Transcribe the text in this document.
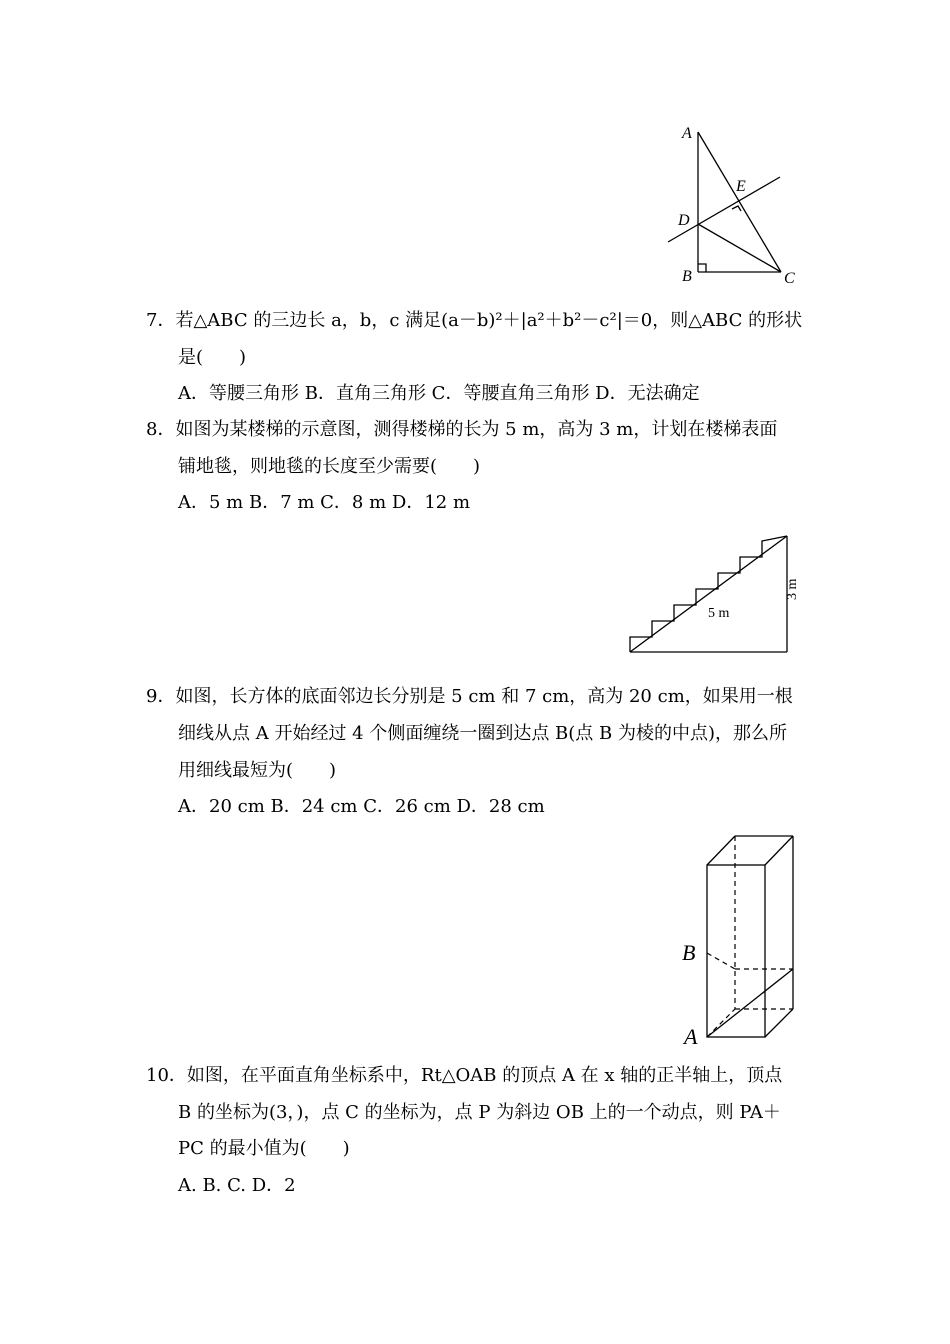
A
E
D
B	C

7．若△ABC 的三边长 a，b，c 满足(a－b)²＋|a²＋b²－c²|＝0，则△ABC 的形状

是(　　)

A．等腰三角形 B．直角三角形 C．等腰直角三角形 D．无法确定

8．如图为某楼梯的示意图，测得楼梯的长为 5 m，高为 3 m，计划在楼梯表面

铺地毯，则地毯的长度至少需要(　　)

A．5 m B．7 m C．8 m D．12 m

5 m
3 m

9．如图，长方体的底面邻边长分别是 5 cm 和 7 cm，高为 20 cm，如果用一根

细线从点 A 开始经过 4 个侧面缠绕一圈到达点 B(点 B 为棱的中点)，那么所

用细线最短为(　　)

A．20 cm B．24 cm C．26 cm D．28 cm

B
A

10．如图，在平面直角坐标系中，Rt△OAB 的顶点 A 在 x 轴的正半轴上，顶点

B 的坐标为(3，)，点 C 的坐标为，点 P 为斜边 OB 上的一个动点，则 PA＋

PC 的最小值为(　　)

A. B. C. D．2
